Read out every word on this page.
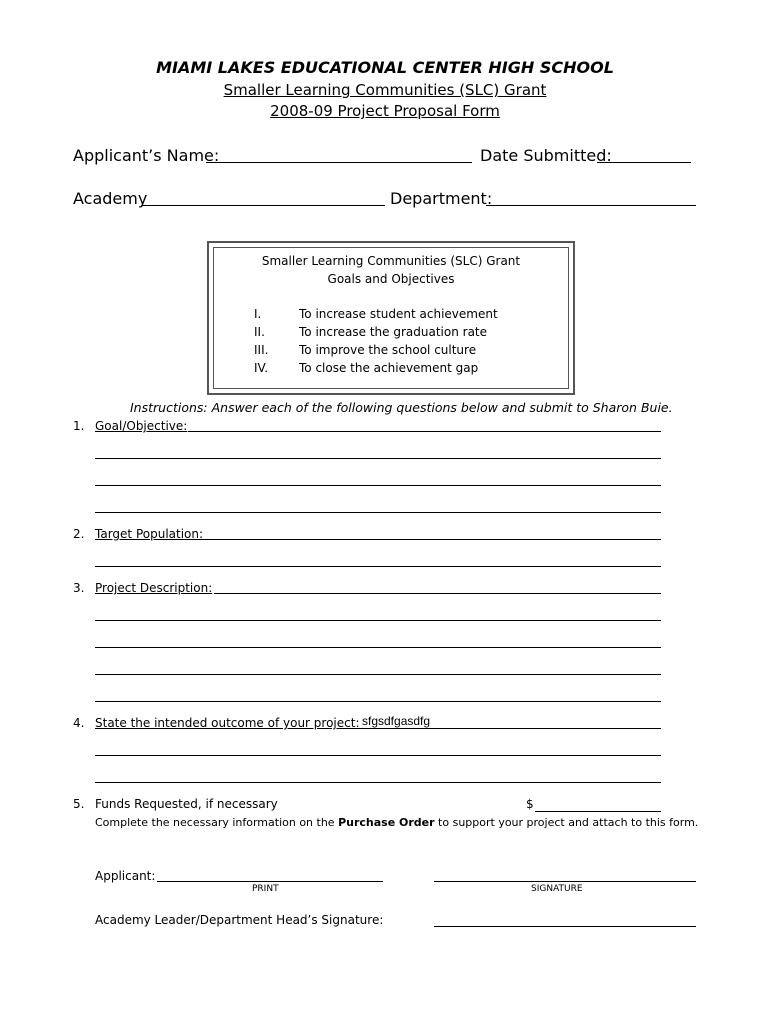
MIAMI LAKES EDUCATIONAL CENTER HIGH SCHOOL
Smaller Learning Communities (SLC) Grant
2008-09 Project Proposal Form
Applicant’s Name:	Date Submitted:
Academy	Department:
Smaller Learning Communities (SLC) Grant
Goals and Objectives
I.	To increase student achievement
II.	To increase the graduation rate
III.	To improve the school culture
IV.	To close the achievement gap
Instructions: Answer each of the following questions below and submit to Sharon Buie.
1. Goal/Objective:
2. Target Population:
3. Project Description:
4. State the intended outcome of your project: sfgsdfgasdfg
5. Funds Requested, if necessary	$
Complete the necessary information on the Purchase Order to support your project and attach to this form.
Applicant:
PRINT	SIGNATURE
Academy Leader/Department Head’s Signature:
